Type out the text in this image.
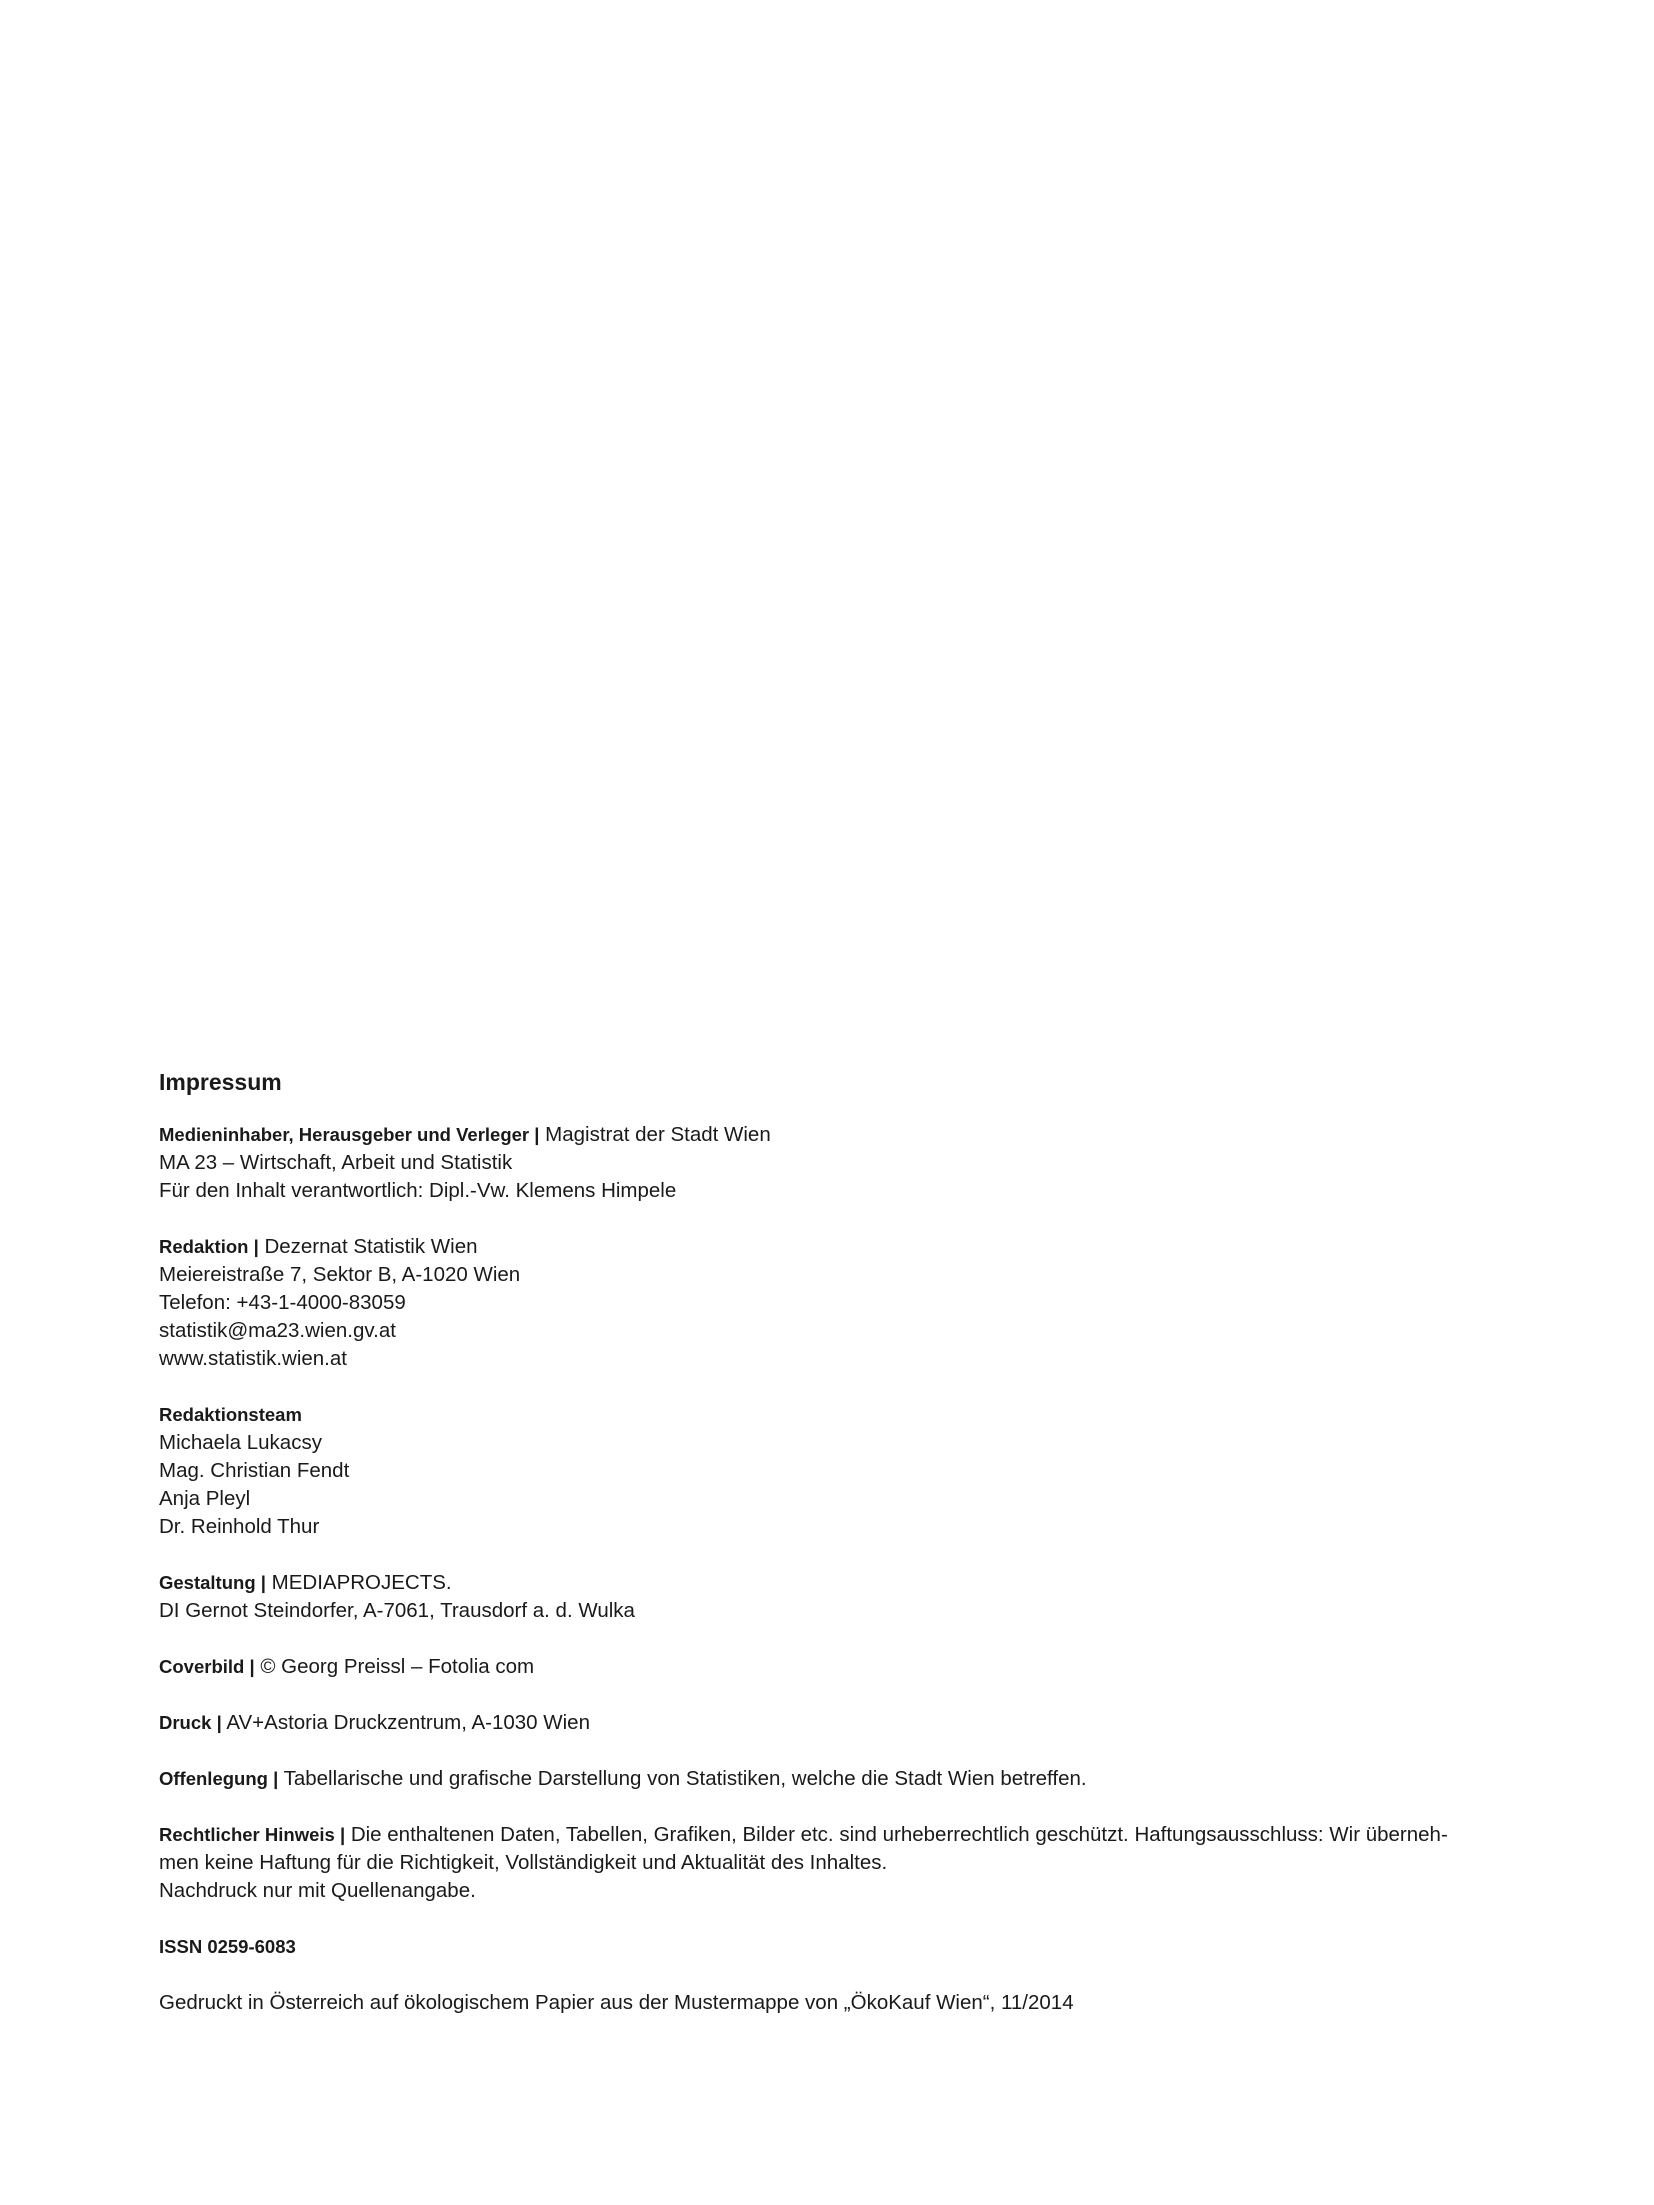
Impressum
Medieninhaber, Herausgeber und Verleger | Magistrat der Stadt Wien
MA 23 – Wirtschaft, Arbeit und Statistik
Für den Inhalt verantwortlich: Dipl.-Vw. Klemens Himpele
Redaktion | Dezernat Statistik Wien
Meiereistraße 7, Sektor B, A-1020 Wien
Telefon: +43-1-4000-83059
statistik@ma23.wien.gv.at
www.statistik.wien.at
Redaktionsteam
Michaela Lukacsy
Mag. Christian Fendt
Anja Pleyl
Dr. Reinhold Thur
Gestaltung | MEDIAPROJECTS.
DI Gernot Steindorfer, A-7061, Trausdorf a. d. Wulka
Coverbild | © Georg Preissl – Fotolia com
Druck | AV+Astoria Druckzentrum, A-1030 Wien
Offenlegung | Tabellarische und grafische Darstellung von Statistiken, welche die Stadt Wien betreffen.
Rechtlicher Hinweis | Die enthaltenen Daten, Tabellen, Grafiken, Bilder etc. sind urheberrechtlich geschützt. Haftungsausschluss: Wir überneh-
men keine Haftung für die Richtigkeit, Vollständigkeit und Aktualität des Inhaltes.
Nachdruck nur mit Quellenangabe.
ISSN 0259-6083
Gedruckt in Österreich auf ökologischem Papier aus der Mustermappe von „ÖkoKauf Wien“, 11/2014
